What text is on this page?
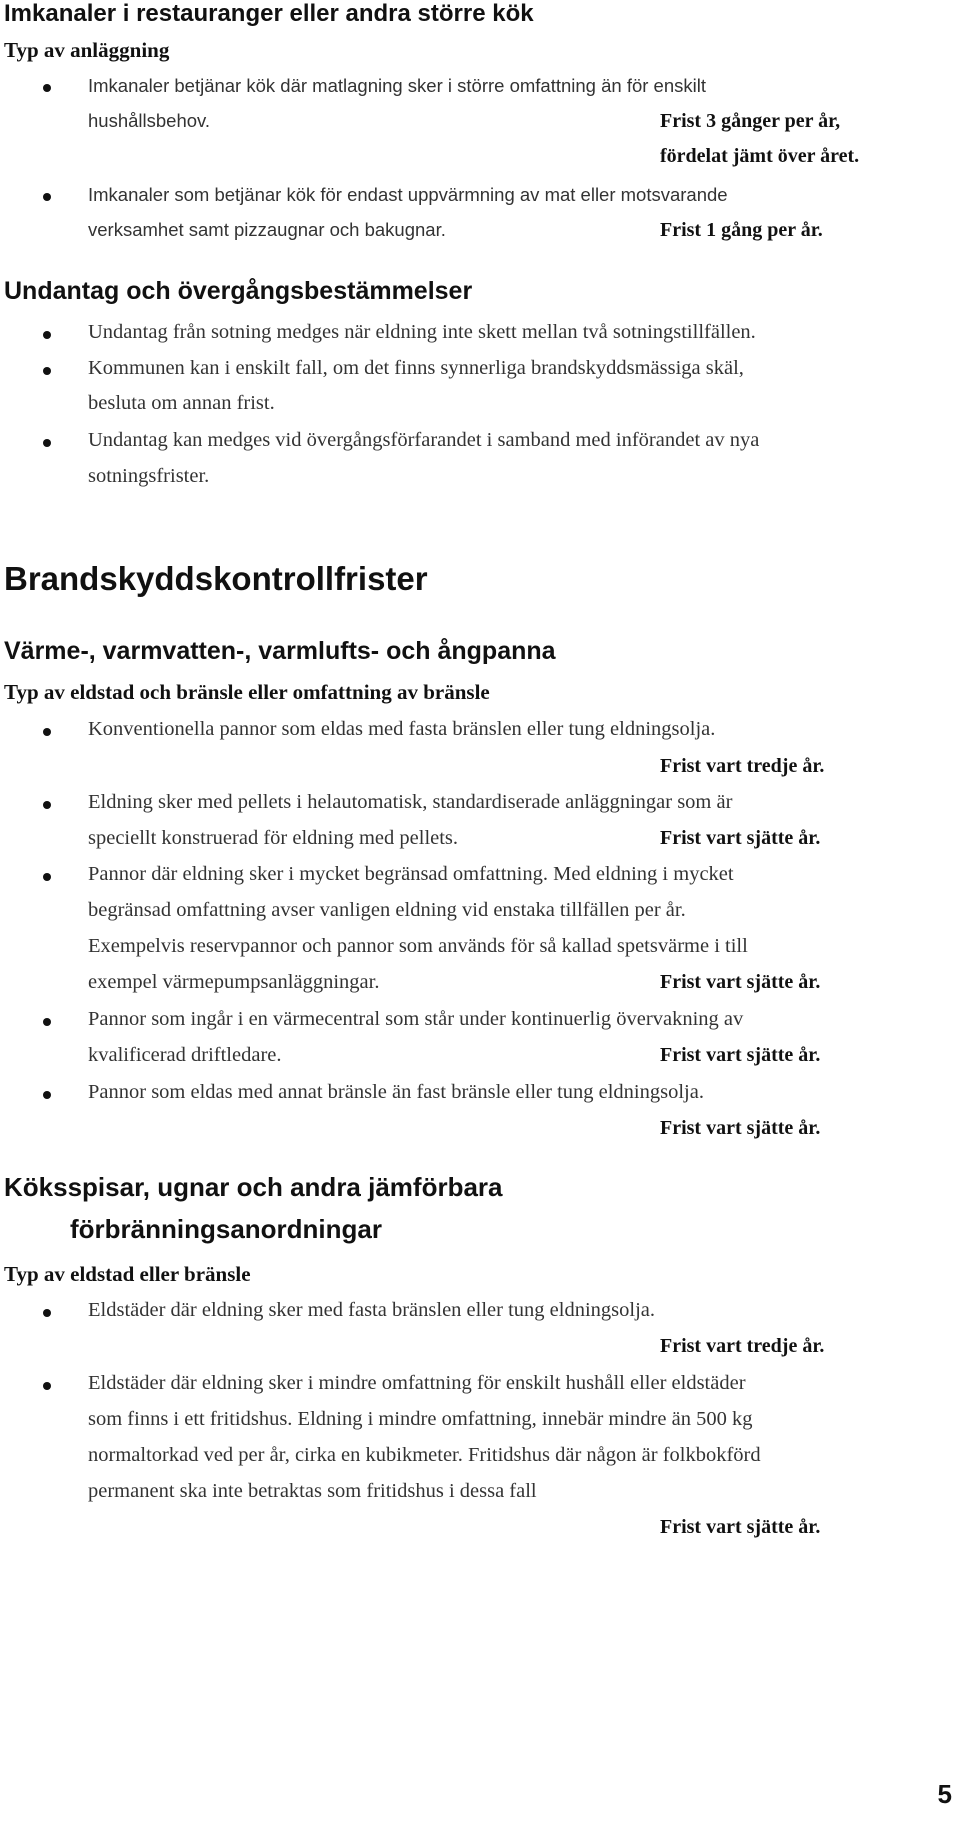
Imkanaler i restauranger eller andra större kök

Typ av anläggning

Imkanaler betjänar kök där matlagning sker i större omfattning än för enskilt

hushållsbehov.	Frist 3 gånger per år,

fördelat jämt över året.

Imkanaler som betjänar kök för endast uppvärmning av mat eller motsvarande

verksamhet samt pizzaugnar och bakugnar.	Frist 1 gång per år.

Undantag och övergångsbestämmelser

Undantag från sotning medges när eldning inte skett mellan två sotningstillfällen.

Kommunen kan i enskilt fall, om det finns synnerliga brandskyddsmässiga skäl,

besluta om annan frist.

Undantag kan medges vid övergångsförfarandet i samband med införandet av nya

sotningsfrister.

Brandskyddskontrollfrister
Värme-, varmvatten-, varmlufts- och ångpanna

Typ av eldstad och bränsle eller omfattning av bränsle

Konventionella pannor som eldas med fasta bränslen eller tung eldningsolja.

Frist vart tredje år.

Eldning sker med pellets i helautomatisk, standardiserade anläggningar som är

speciellt konstruerad för eldning med pellets.	Frist vart sjätte år.

Pannor där eldning sker i mycket begränsad omfattning. Med eldning i mycket

begränsad omfattning avser vanligen eldning vid enstaka tillfällen per år.

Exempelvis reservpannor och pannor som används för så kallad spetsvärme i till

exempel värmepumpsanläggningar.	Frist vart sjätte år.

Pannor som ingår i en värmecentral som står under kontinuerlig övervakning av

kvalificerad driftledare.	Frist vart sjätte år.

Pannor som eldas med annat bränsle än fast bränsle eller tung eldningsolja.

Frist vart sjätte år.

Köksspisar, ugnar och andra jämförbara
förbränningsanordningar

Typ av eldstad eller bränsle

Eldstäder där eldning sker med fasta bränslen eller tung eldningsolja.

Frist vart tredje år.

Eldstäder där eldning sker i mindre omfattning för enskilt hushåll eller eldstäder

som finns i ett fritidshus. Eldning i mindre omfattning, innebär mindre än 500 kg

normaltorkad ved per år, cirka en kubikmeter. Fritidshus där någon är folkbokförd

permanent ska inte betraktas som fritidshus i dessa fall

Frist vart sjätte år.

5
